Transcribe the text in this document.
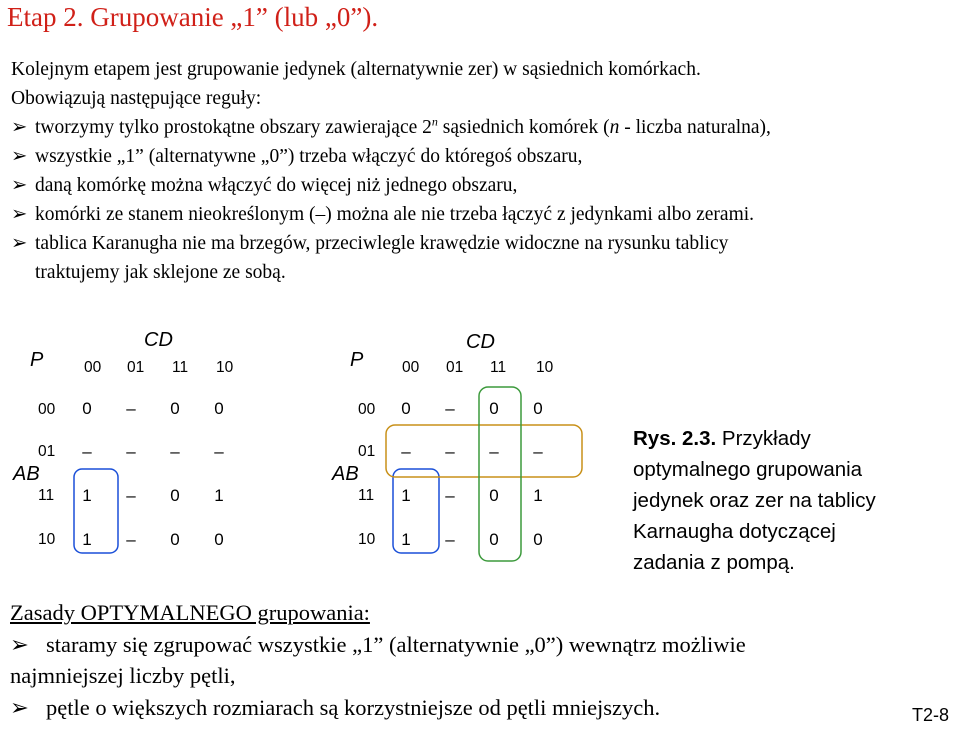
Etap 2. Grupowanie „1” (lub „0”).
Kolejnym etapem jest grupowanie jedynek (alternatywnie zer) w sąsiednich komórkach.
Obowiązują następujące reguły:
➢ tworzymy tylko prostokątne obszary zawierające 2$^n$ sąsiednich komórek (n - liczba naturalna),
➢ wszystkie „1” (alternatywne „0”) trzeba włączyć do któregoś obszaru,
➢ daną komórkę można włączyć do więcej niż jednego obszaru,
➢ komórki ze stanem nieokreślonym (–) można ale nie trzeba łączyć z jedynkami albo zerami.
➢ tablica Karanugha nie ma brzegów, przeciwlegle krawędzie widoczne na rysunku tablicy
traktujemy jak sklejone ze sobą.
P
CD
AB
00 01 11 10
00
01
11
10
0	–	0	0
–	–	–	–
1	–	0	1
1	–	0	0
P
CD
AB
00 01 11 10
00
01
11
10
0	–	0	0
–	–	–	–
1	–	0	1
1	–	0	0
Rys. 2.3. Przykłady
optymalnego grupowania
jedynek oraz zer na tablicy
Karnaugha dotyczącej
zadania z pompą.
Zasady OPTYMALNEGO grupowania:
➢ staramy się zgrupować wszystkie „1” (alternatywnie „0”) wewnątrz możliwie
najmniejszej liczby pętli,
➢ pętle o większych rozmiarach są korzystniejsze od pętli mniejszych.	T2-8
